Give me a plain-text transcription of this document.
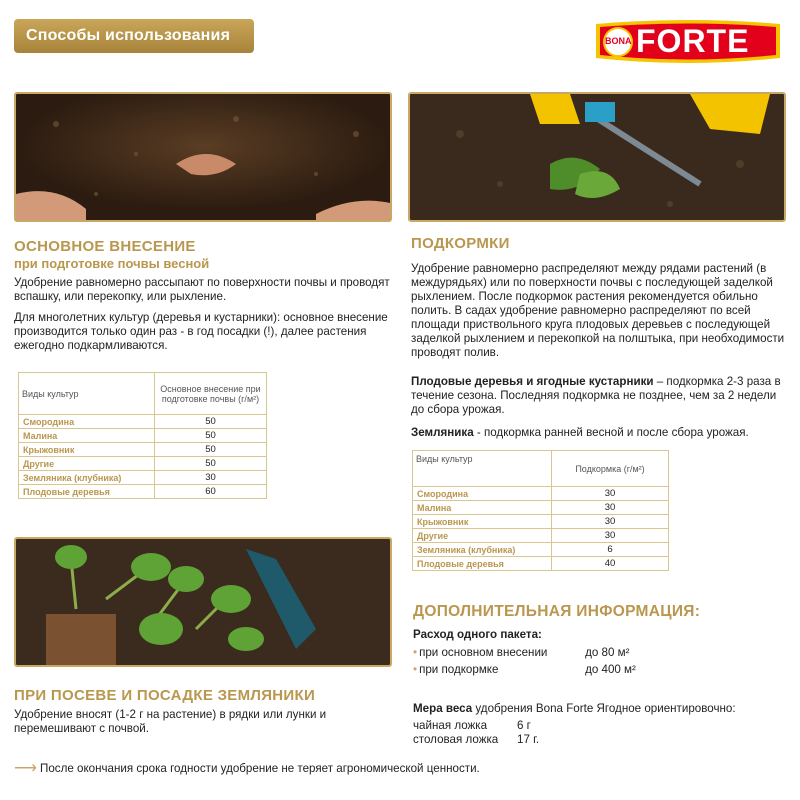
Способы использования	BONA FORTE
ОСНОВНОЕ ВНЕСЕНИЕ
при подготовке почвы весной
Удобрение равномерно рассыпают по поверхности почвы и проводят вспашку, или перекопку, или рыхление.
Для многолетних культур (деревья и кустарники): основное внесение производится только один раз - в год посадки (!), далее растения ежегодно подкармливаются.
Виды культур	Основное внесение при подготовке почвы (г/м²)
Смородина	50
Малина	50
Крыжовник	50
Другие	50
Земляника (клубника)	30
Плодовые деревья	60
ПРИ ПОСЕВЕ И ПОСАДКЕ ЗЕМЛЯНИКИ
Удобрение вносят (1-2 г на растение) в рядки или лунки и перемешивают с почвой.
ПОДКОРМКИ
Удобрение равномерно распределяют между рядами растений (в междурядьях) или по поверхности почвы с последующей заделкой рыхлением. После подкормок растения рекомендуется обильно полить. В садах удобрение равномерно распределяют по всей площади приствольного круга плодовых деревьев с последующей заделкой рыхлением и перекопкой на полштыка, при необходимости проводят полив.
Плодовые деревья и ягодные кустарники – подкормка 2-3 раза в течение сезона. Последняя подкормка не позднее, чем за 2 недели до сбора урожая.
Земляника - подкормка ранней весной и после сбора урожая.
Виды культур	Подкормка (г/м²)
Смородина	30
Малина	30
Крыжовник	30
Другие	30
Земляника (клубника)	6
Плодовые деревья	40
ДОПОЛНИТЕЛЬНАЯ ИНФОРМАЦИЯ:
Расход одного пакета:
• при основном внесении	до 80 м²
• при подкормке	до 400 м²
Мера веса удобрения Bona Forte Ягодное ориентировочно:
чайная ложка	6 г
столовая ложка	17 г.
⟶ После окончания срока годности удобрение не теряет агрономической ценности.
